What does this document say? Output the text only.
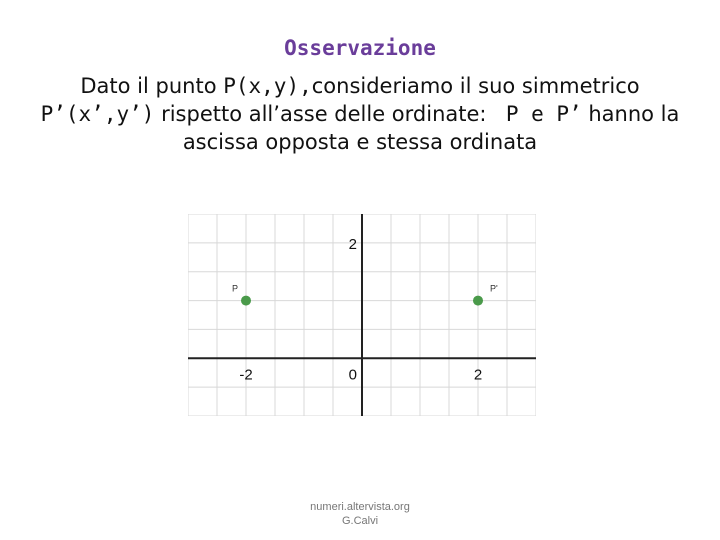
Osservazione
Dato il punto P(x,y),consideriamo il suo simmetrico
P’(x’,y’) rispetto all’asse delle ordinate:  P e P’ hanno la
ascissa opposta e stessa ordinata
-2	0	2
2
P	P'
numeri.altervista.org
G.Calvi
